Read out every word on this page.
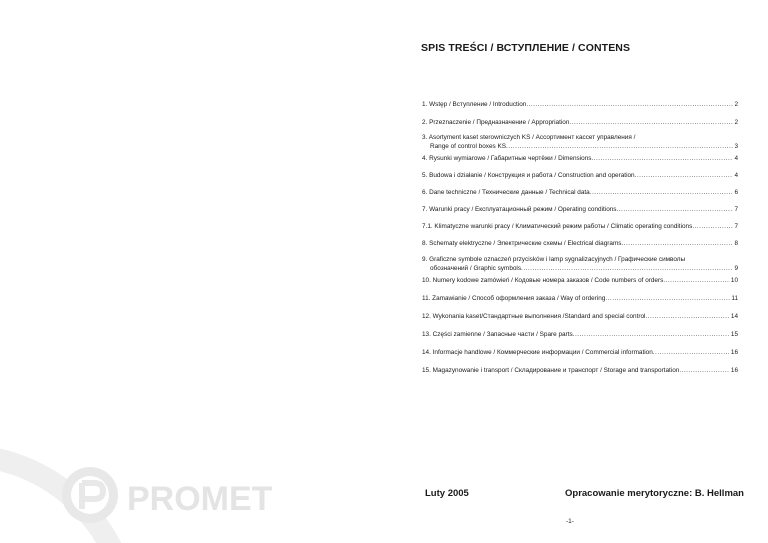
PROMET
SPIS TREŚCI / ВСТУПЛЕНИЕ / CONTENS
1. Wstęp / Вступление / Introduction .....	2
2. Przeznaczenie / Предназначение / Appropriation .....	2
3. Asortyment kaset sterowniczych KS / Ассортимент кассет управления /
Range of control boxes KS .....	3
4. Rysunki wymiarowe / Габаритные чертёжи / Dimensions .....	4
5. Budowa i działanie / Конструкция и работа / Construction and operation .....	4
6. Dane techniczne / Технические данные / Technical data .....	6
7. Warunki pracy / Експлуатационный режим / Operating conditions .....	7
7.1. Klimatyczne warunki pracy / Климатический режим работы / Climatic operating conditions .....	7
8. Schematy elektryczne / Электрические схемы / Electrical diagrams .....	8
9. Graficzne symbole oznaczeń przycisków i lamp sygnalizacyjnych / Графические символы
обозначений / Graphic symbols .....	9
10. Numery kodowe zamówień / Кодовые номера заказов / Code numbers of orders .....	10
11. Zamawianie / Способ оформления заказа / Way of ordering .....	11
12. Wykonania kaset/Стандартные выполнения /Standard and special control .....	14
13. Części zamienne / Запасные части / Spare parts .....	15
14. Informacje handlowe / Коммерческие информации / Commercial information .....	16
15. Magazynowanie i transport / Складирование и транспорт / Storage and transportation .....	16
Luty 2005	Opracowanie merytoryczne: B. Hellman
-1-
